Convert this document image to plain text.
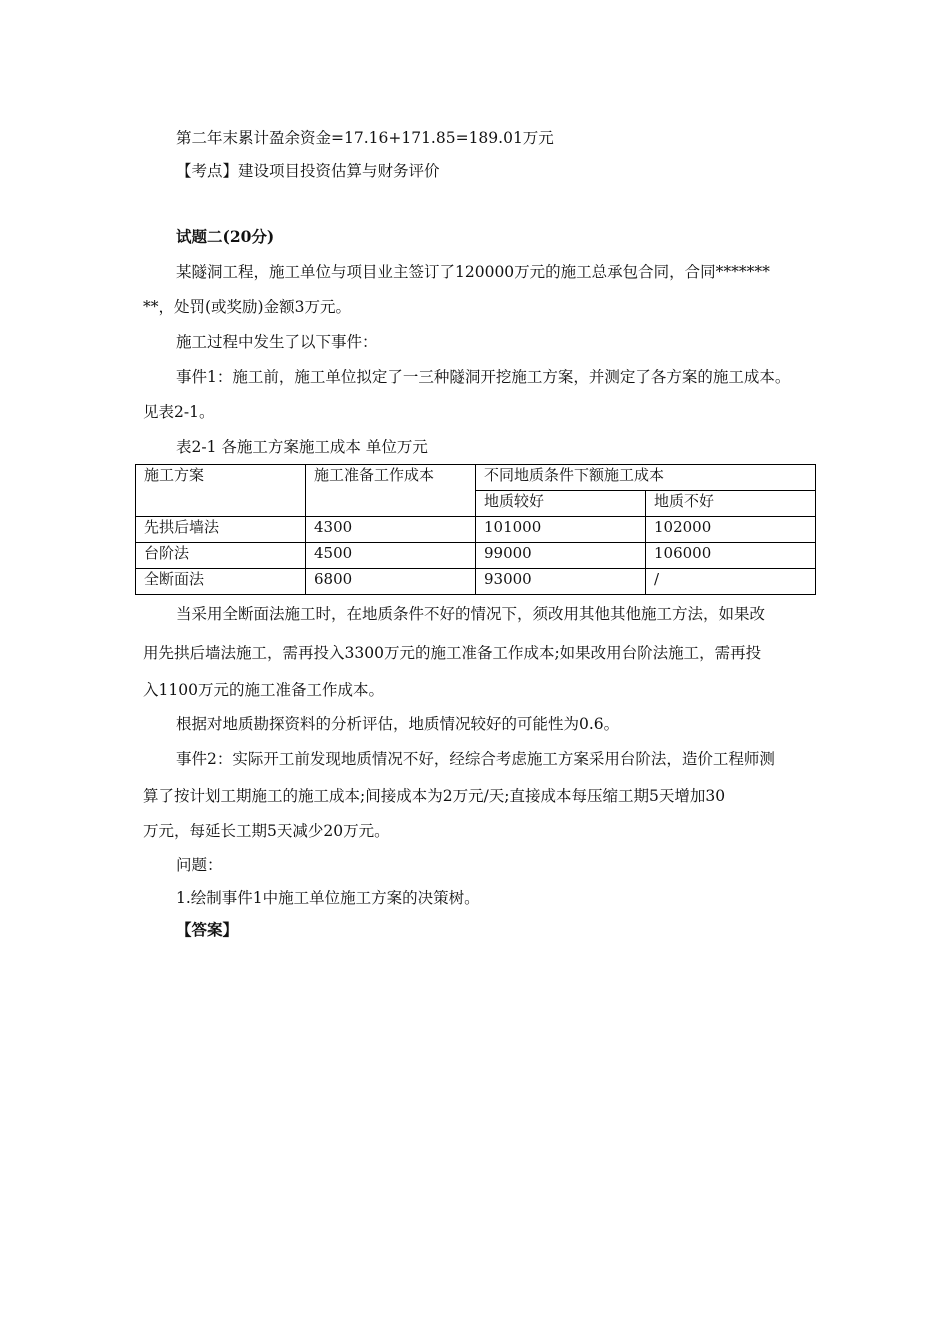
第二年末累计盈余资金=17.16+171.85=189.01万元
【考点】建设项目投资估算与财务评价
试题二(20分)
某隧洞工程，施工单位与项目业主签订了120000万元的施工总承包合同，合同*******
**，处罚(或奖励)金额3万元。
施工过程中发生了以下事件：
事件1：施工前，施工单位拟定了一三种隧洞开挖施工方案，并测定了各方案的施工成本。
见表2-1。
表2-1 各施工方案施工成本 单位万元
施工方案	施工准备工作成本	不同地质条件下额施工成本	
		地质较好	地质不好
先拱后墙法	4300	101000	102000
台阶法	4500	99000	106000
全断面法	6800	93000	/
当采用全断面法施工时，在地质条件不好的情况下，须改用其他其他施工方法，如果改
用先拱后墙法施工，需再投入3300万元的施工准备工作成本;如果改用台阶法施工，需再投
入1100万元的施工准备工作成本。
根据对地质勘探资料的分析评估，地质情况较好的可能性为0.6。
事件2：实际开工前发现地质情况不好，经综合考虑施工方案采用台阶法，造价工程师测
算了按计划工期施工的施工成本;间接成本为2万元/天;直接成本每压缩工期5天增加30
万元，每延长工期5天减少20万元。
问题：
1.绘制事件1中施工单位施工方案的决策树。
【答案】
